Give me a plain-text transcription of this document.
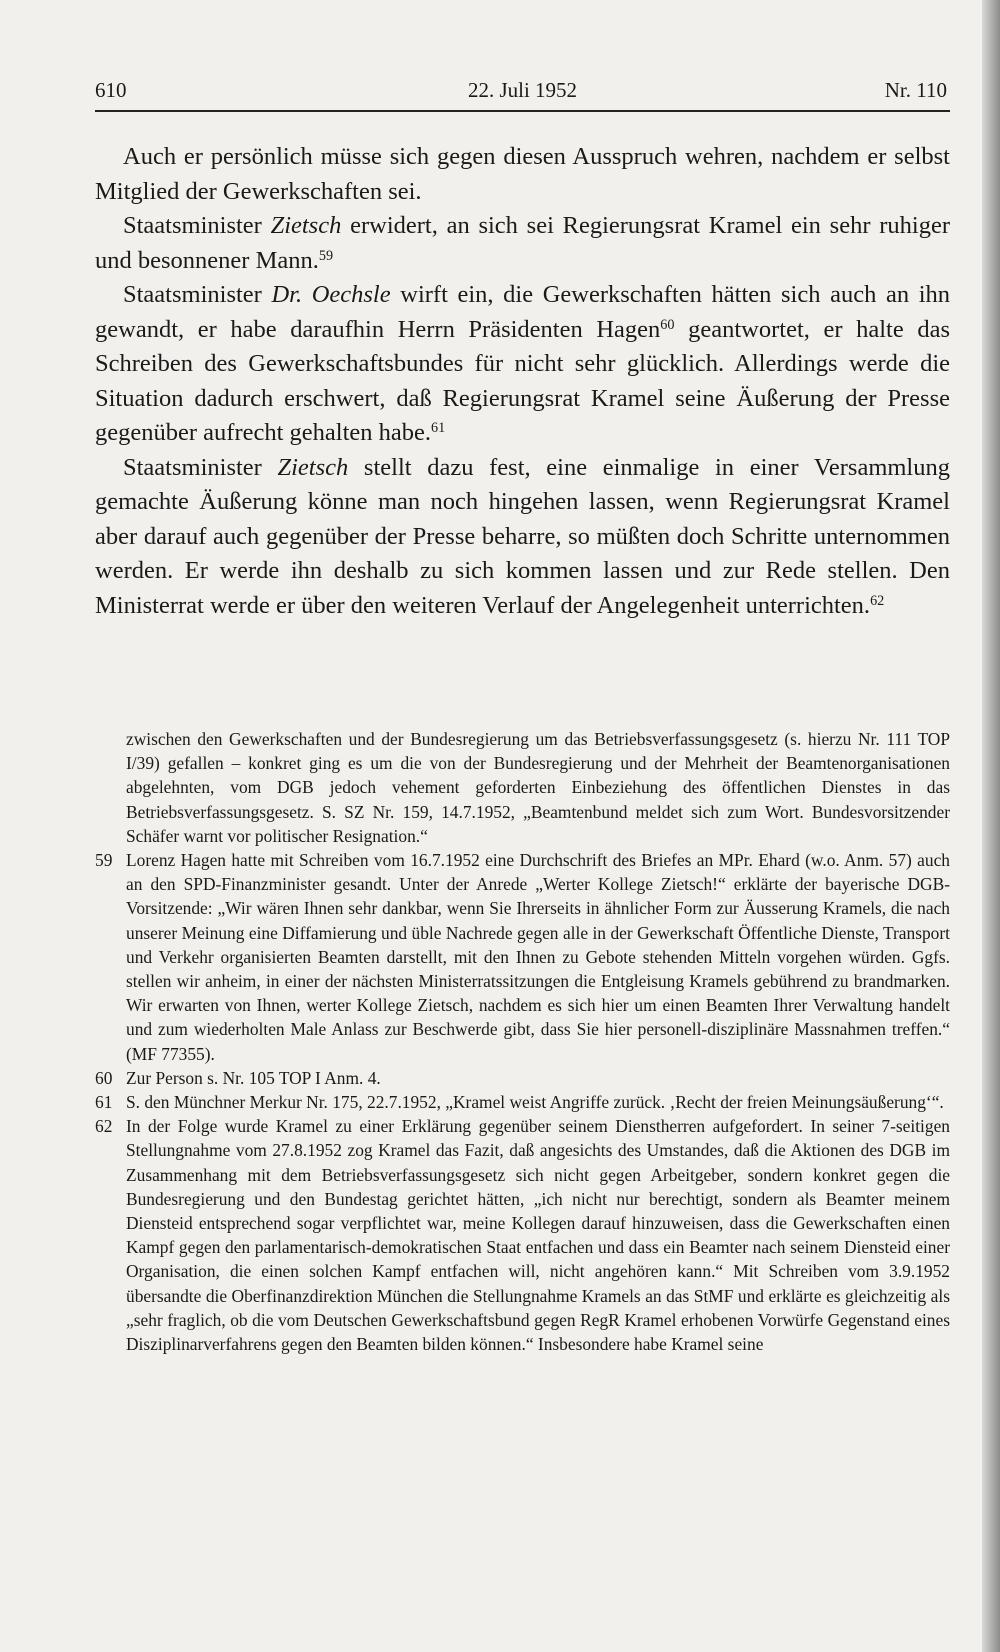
610	22. Juli 1952	Nr. 110

Auch er persönlich müsse sich gegen diesen Ausspruch wehren, nachdem er selbst Mitglied der Gewerkschaften sei.

Staatsminister Zietsch erwidert, an sich sei Regierungsrat Kramel ein sehr ruhiger und besonnener Mann.$^{59}$

Staatsminister Dr. Oechsle wirft ein, die Gewerkschaften hätten sich auch an ihn gewandt, er habe daraufhin Herrn Präsidenten Hagen$^{60}$ geantwortet, er halte das Schreiben des Gewerkschaftsbundes für nicht sehr glücklich. Allerdings werde die Situation dadurch erschwert, daß Regierungsrat Kramel seine Äußerung der Presse gegenüber aufrecht gehalten habe.$^{61}$

Staatsminister Zietsch stellt dazu fest, eine einmalige in einer Versammlung gemachte Äußerung könne man noch hingehen lassen, wenn Regierungsrat Kramel aber darauf auch gegenüber der Presse beharre, so müßten doch Schritte unternommen werden. Er werde ihn deshalb zu sich kommen lassen und zur Rede stellen. Den Ministerrat werde er über den weiteren Verlauf der Angelegenheit unterrichten.$^{62}$

zwischen den Gewerkschaften und der Bundesregierung um das Betriebsverfassungsgesetz (s. hierzu Nr. 111 TOP I/39) gefallen – konkret ging es um die von der Bundesregierung und der Mehrheit der Beamtenorganisationen abgelehnten, vom DGB jedoch vehement geforderten Einbeziehung des öffentlichen Dienstes in das Betriebsverfassungsgesetz. S. SZ Nr. 159, 14.7.1952, „Beamtenbund meldet sich zum Wort. Bundesvorsitzender Schäfer warnt vor politischer Resignation.“

59 Lorenz Hagen hatte mit Schreiben vom 16.7.1952 eine Durchschrift des Briefes an MPr. Ehard (w.o. Anm. 57) auch an den SPD-Finanzminister gesandt. Unter der Anrede „Werter Kollege Zietsch!“ erklärte der bayerische DGB-Vorsitzende: „Wir wären Ihnen sehr dankbar, wenn Sie Ihrerseits in ähnlicher Form zur Äusserung Kramels, die nach unserer Meinung eine Diffamierung und üble Nachrede gegen alle in der Gewerkschaft Öffentliche Dienste, Transport und Verkehr organisierten Beamten darstellt, mit den Ihnen zu Gebote stehenden Mitteln vorgehen würden. Ggfs. stellen wir anheim, in einer der nächsten Ministerratssitzungen die Entgleisung Kramels gebührend zu brandmarken. Wir erwarten von Ihnen, werter Kollege Zietsch, nachdem es sich hier um einen Beamten Ihrer Verwaltung handelt und zum wiederholten Male Anlass zur Beschwerde gibt, dass Sie hier personell-disziplinäre Massnahmen treffen.“ (MF 77355).

60 Zur Person s. Nr. 105 TOP I Anm. 4.

61 S. den Münchner Merkur Nr. 175, 22.7.1952, „Kramel weist Angriffe zurück. ‚Recht der freien Meinungsäußerung‘“.

62 In der Folge wurde Kramel zu einer Erklärung gegenüber seinem Dienstherren aufgefordert. In seiner 7-seitigen Stellungnahme vom 27.8.1952 zog Kramel das Fazit, daß angesichts des Umstandes, daß die Aktionen des DGB im Zusammenhang mit dem Betriebsverfassungsgesetz sich nicht gegen Arbeitgeber, sondern konkret gegen die Bundesregierung und den Bundestag gerichtet hätten, „ich nicht nur berechtigt, sondern als Beamter meinem Diensteid entsprechend sogar verpflichtet war, meine Kollegen darauf hinzuweisen, dass die Gewerkschaften einen Kampf gegen den parlamentarisch-demokratischen Staat entfachen und dass ein Beamter nach seinem Diensteid einer Organisation, die einen solchen Kampf entfachen will, nicht angehören kann.“ Mit Schreiben vom 3.9.1952 übersandte die Oberfinanzdirektion München die Stellungnahme Kramels an das StMF und erklärte es gleichzeitig als „sehr fraglich, ob die vom Deutschen Gewerkschaftsbund gegen RegR Kramel erhobenen Vorwürfe Gegenstand eines Disziplinarverfahrens gegen den Beamten bilden können.“ Insbesondere habe Kramel seine
